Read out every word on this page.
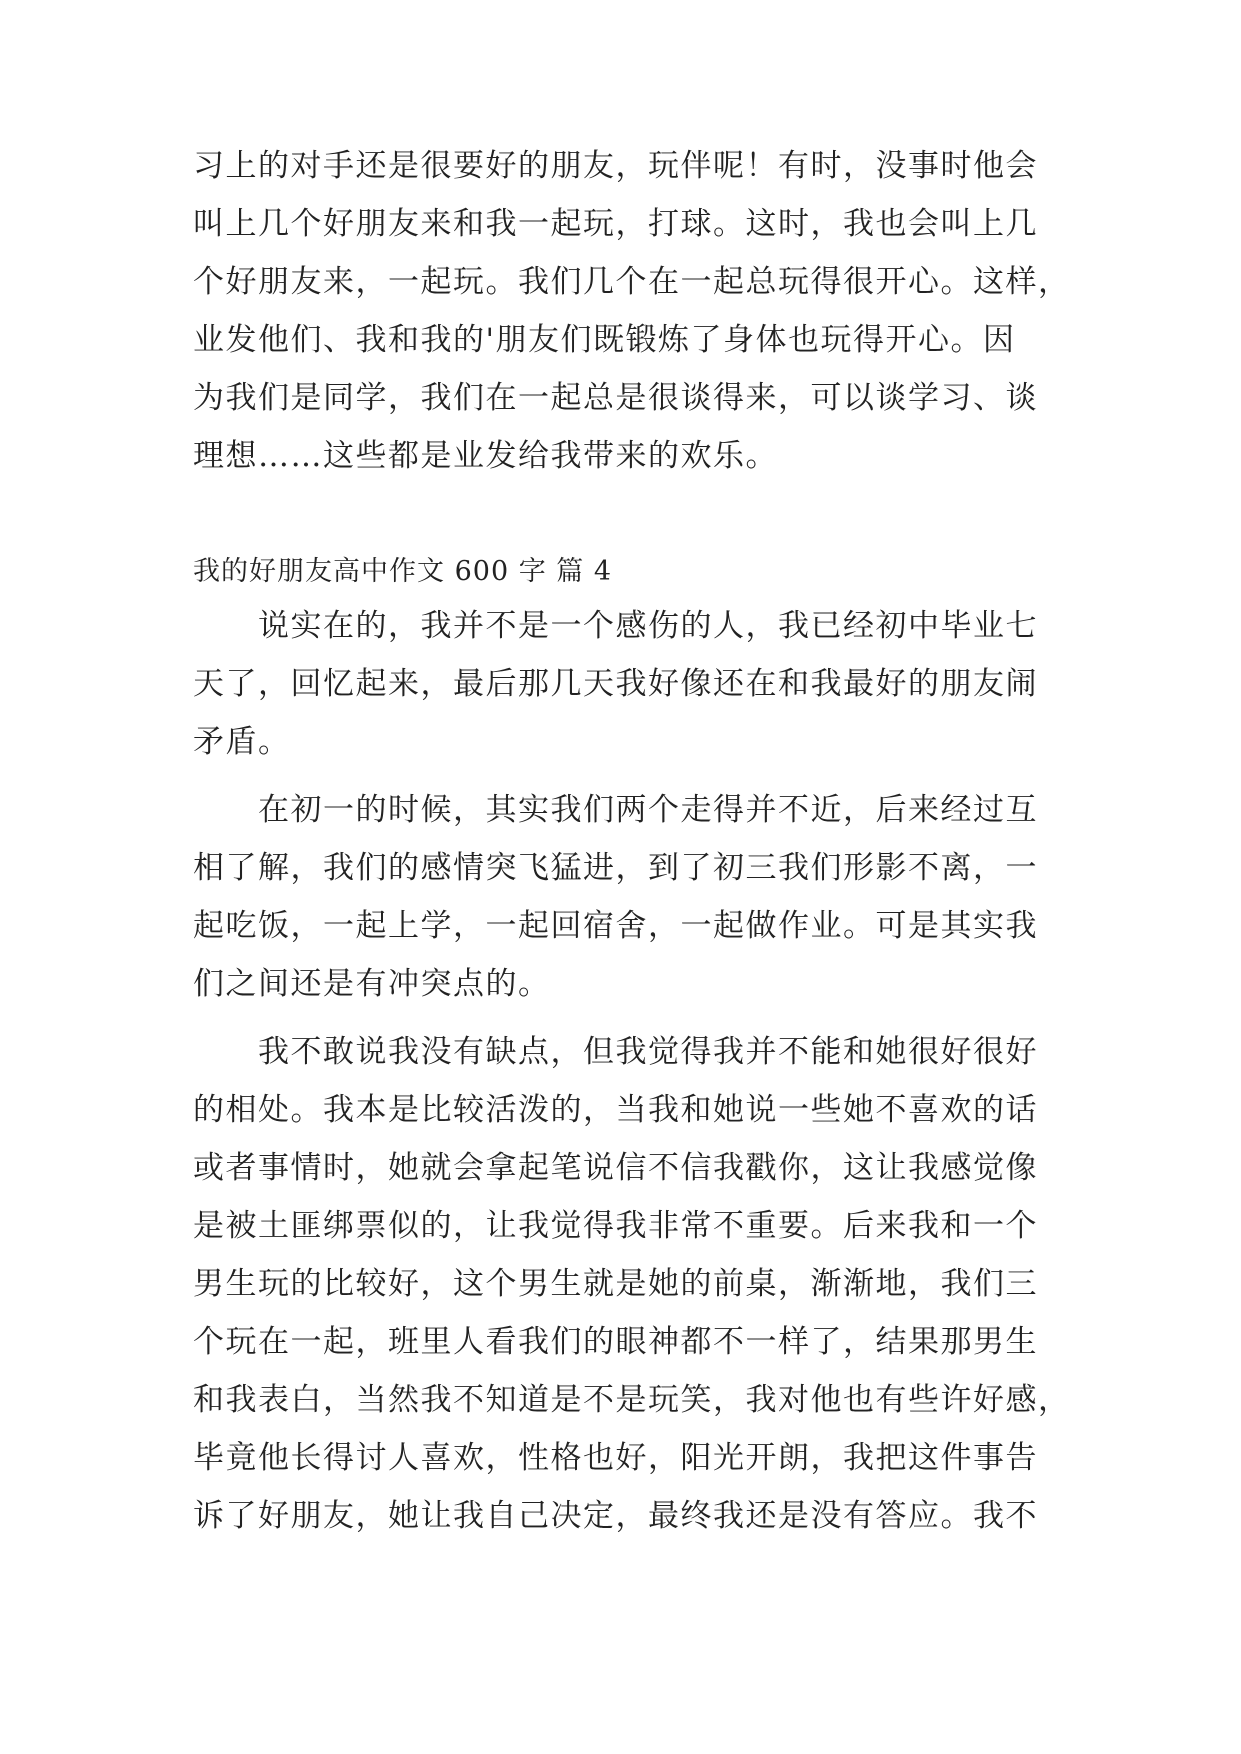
习上的对手还是很要好的朋友，玩伴呢！有时，没事时他会
叫上几个好朋友来和我一起玩，打球。这时，我也会叫上几
个好朋友来，一起玩。我们几个在一起总玩得很开心。这样，
业发他们、我和我的'朋友们既锻炼了身体也玩得开心。因
为我们是同学，我们在一起总是很谈得来，可以谈学习、谈
理想……这些都是业发给我带来的欢乐。
我的好朋友高中作文 600 字 篇 4
说实在的，我并不是一个感伤的人，我已经初中毕业七
天了，回忆起来，最后那几天我好像还在和我最好的朋友闹
矛盾。
在初一的时候，其实我们两个走得并不近，后来经过互
相了解，我们的感情突飞猛进，到了初三我们形影不离，一
起吃饭，一起上学，一起回宿舍，一起做作业。可是其实我
们之间还是有冲突点的。
我不敢说我没有缺点，但我觉得我并不能和她很好很好
的相处。我本是比较活泼的，当我和她说一些她不喜欢的话
或者事情时，她就会拿起笔说信不信我戳你，这让我感觉像
是被土匪绑票似的，让我觉得我非常不重要。后来我和一个
男生玩的比较好，这个男生就是她的前桌，渐渐地，我们三
个玩在一起，班里人看我们的眼神都不一样了，结果那男生
和我表白，当然我不知道是不是玩笑，我对他也有些许好感，
毕竟他长得讨人喜欢，性格也好，阳光开朗，我把这件事告
诉了好朋友，她让我自己决定，最终我还是没有答应。我不
